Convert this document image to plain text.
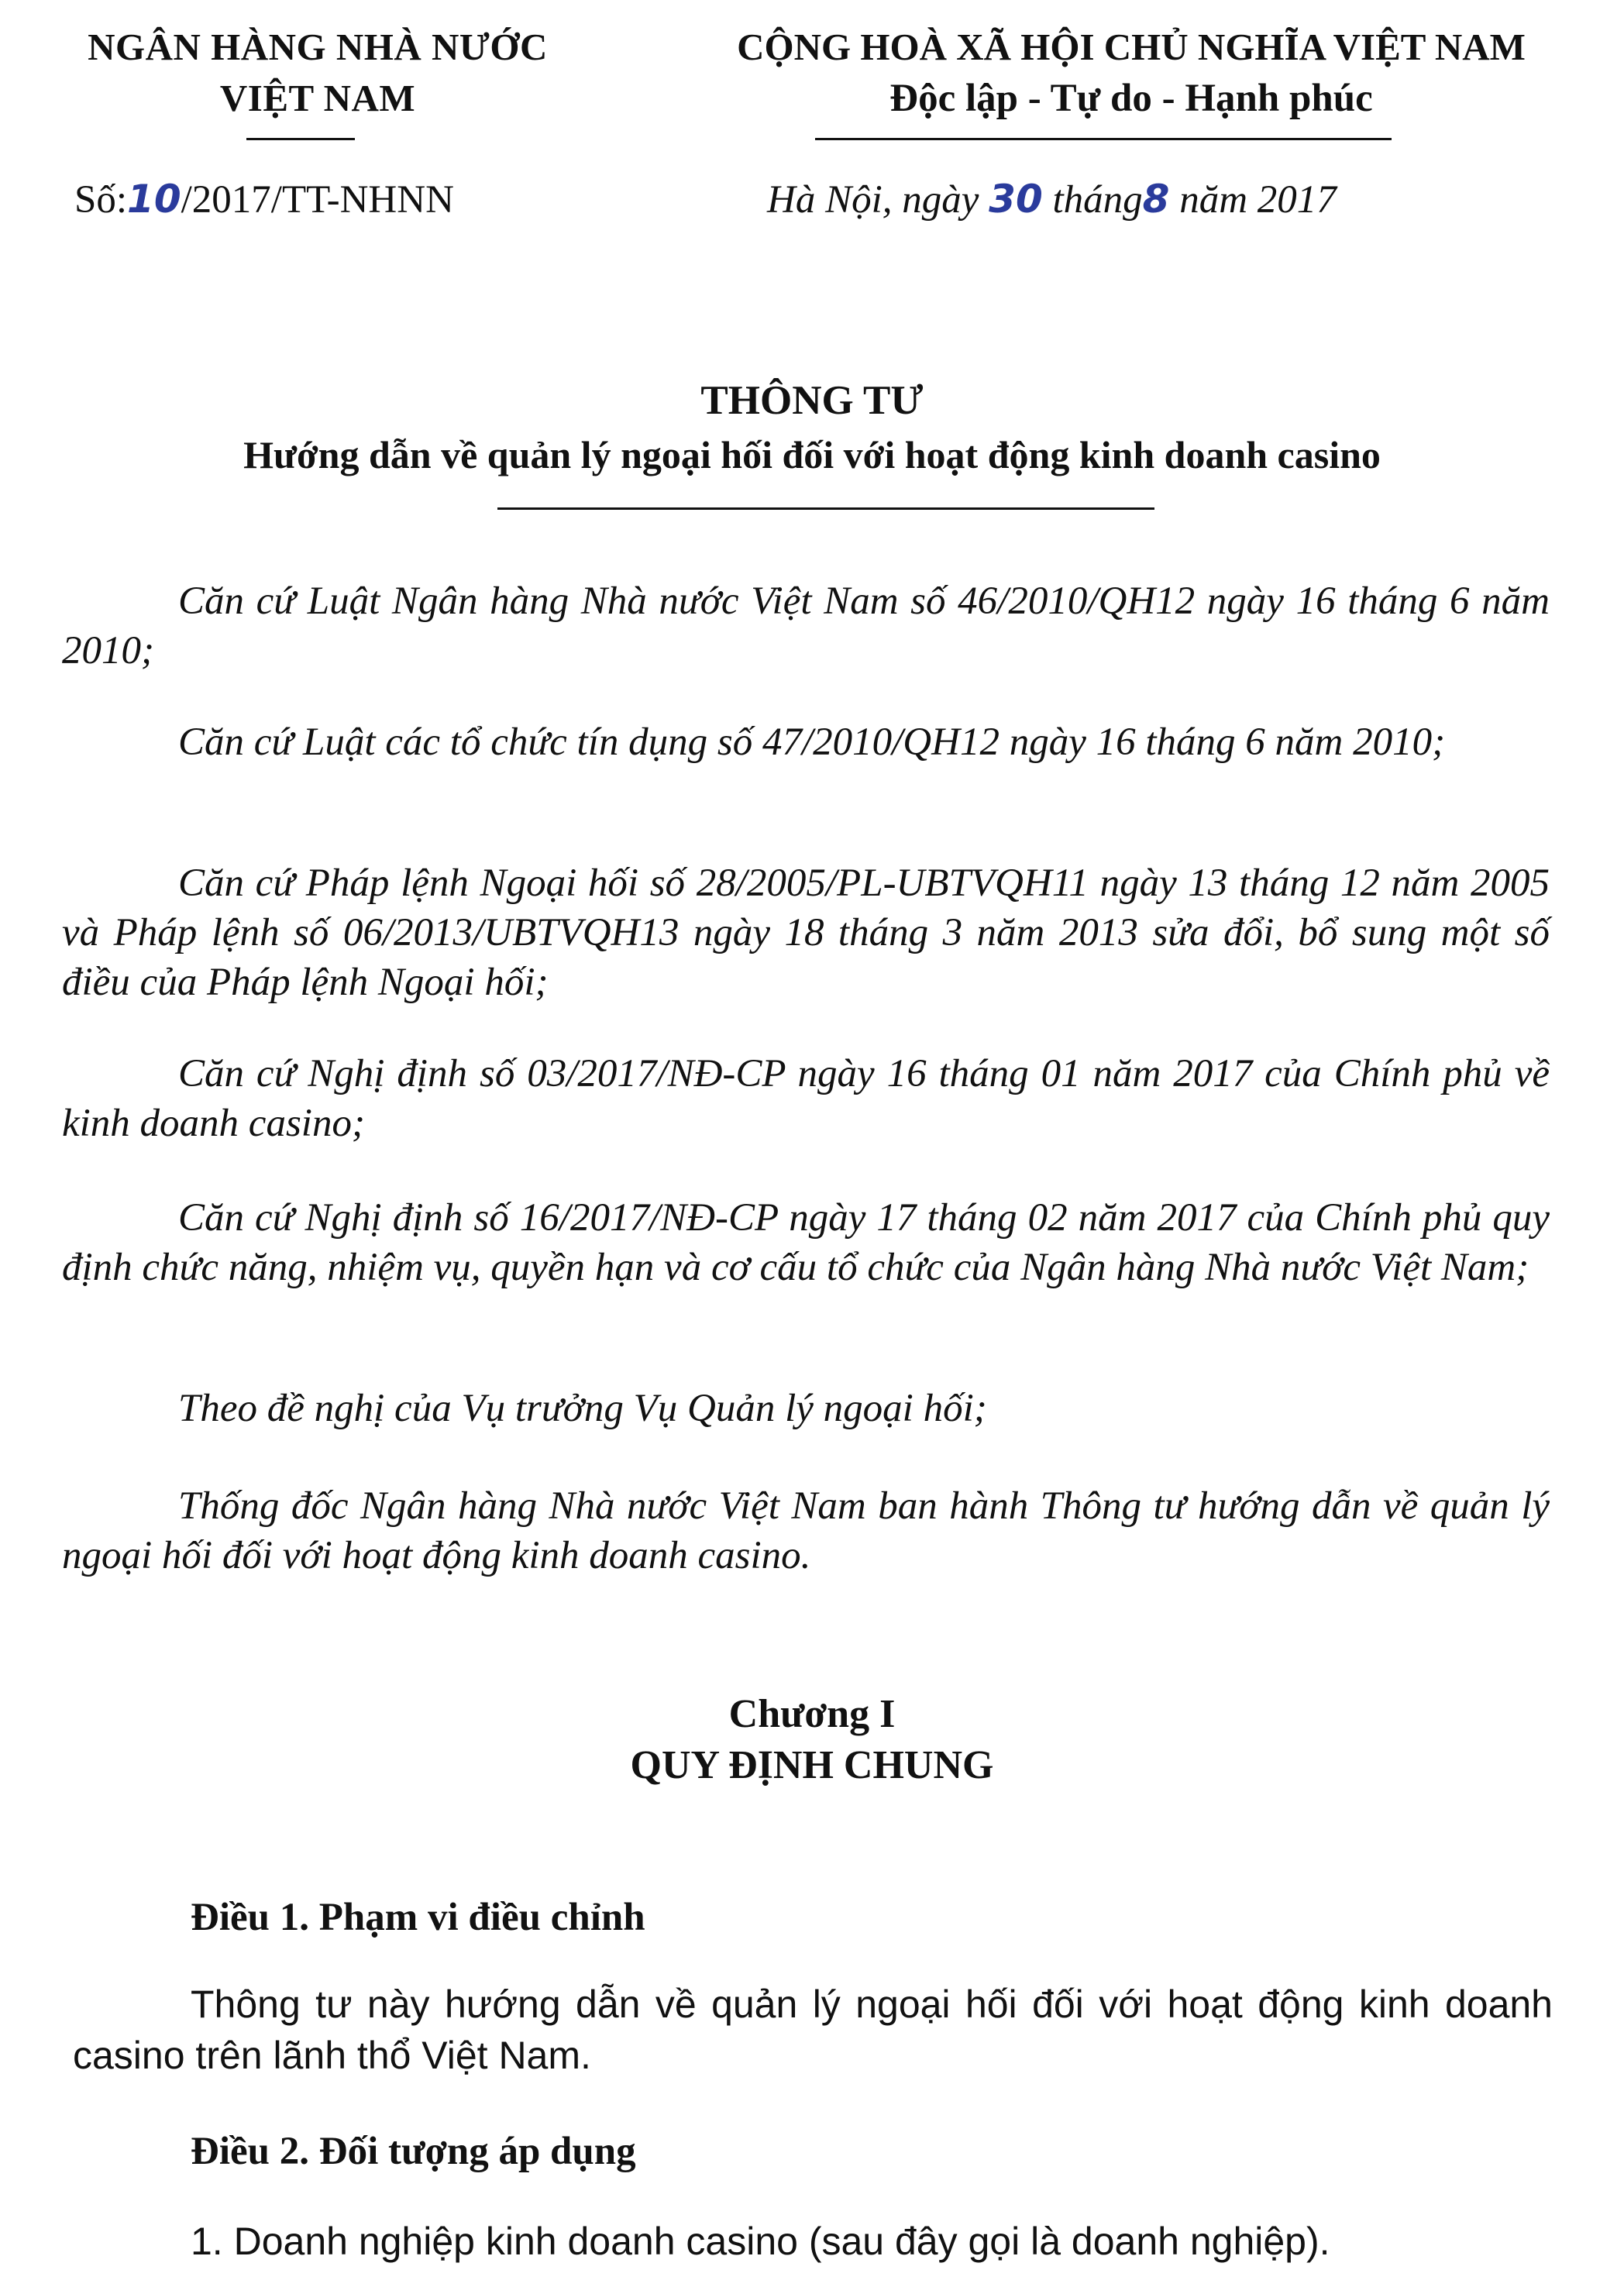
NGÂN HÀNG NHÀ NƯỚC
VIỆT NAM
CỘNG HOÀ XÃ HỘI CHỦ NGHĨA VIỆT NAM
Độc lập - Tự do - Hạnh phúc
Số:10/2017/TT-NHNN	Hà Nội, ngày 30 tháng8 năm 2017
THÔNG TƯ
Hướng dẫn về quản lý ngoại hối đối với hoạt động kinh doanh casino

Căn cứ Luật Ngân hàng Nhà nước Việt Nam số 46/2010/QH12 ngày 16 tháng 6 năm 2010;

Căn cứ Luật các tổ chức tín dụng số 47/2010/QH12 ngày 16 tháng 6 năm 2010;

Căn cứ Pháp lệnh Ngoại hối số 28/2005/PL-UBTVQH11 ngày 13 tháng 12 năm 2005 và Pháp lệnh số 06/2013/UBTVQH13 ngày 18 tháng 3 năm 2013 sửa đổi, bổ sung một số điều của Pháp lệnh Ngoại hối;

Căn cứ Nghị định số 03/2017/NĐ-CP ngày 16 tháng 01 năm 2017 của Chính phủ về kinh doanh casino;

Căn cứ Nghị định số 16/2017/NĐ-CP ngày 17 tháng 02 năm 2017 của Chính phủ quy định chức năng, nhiệm vụ, quyền hạn và cơ cấu tổ chức của Ngân hàng Nhà nước Việt Nam;

Theo đề nghị của Vụ trưởng Vụ Quản lý ngoại hối;

Thống đốc Ngân hàng Nhà nước Việt Nam ban hành Thông tư hướng dẫn về quản lý ngoại hối đối với hoạt động kinh doanh casino.

Chương I
QUY ĐỊNH CHUNG
Điều 1. Phạm vi điều chỉnh

Thông tư này hướng dẫn về quản lý ngoại hối đối với hoạt động kinh doanh casino trên lãnh thổ Việt Nam.

Điều 2. Đối tượng áp dụng

1. Doanh nghiệp kinh doanh casino (sau đây gọi là doanh nghiệp).
